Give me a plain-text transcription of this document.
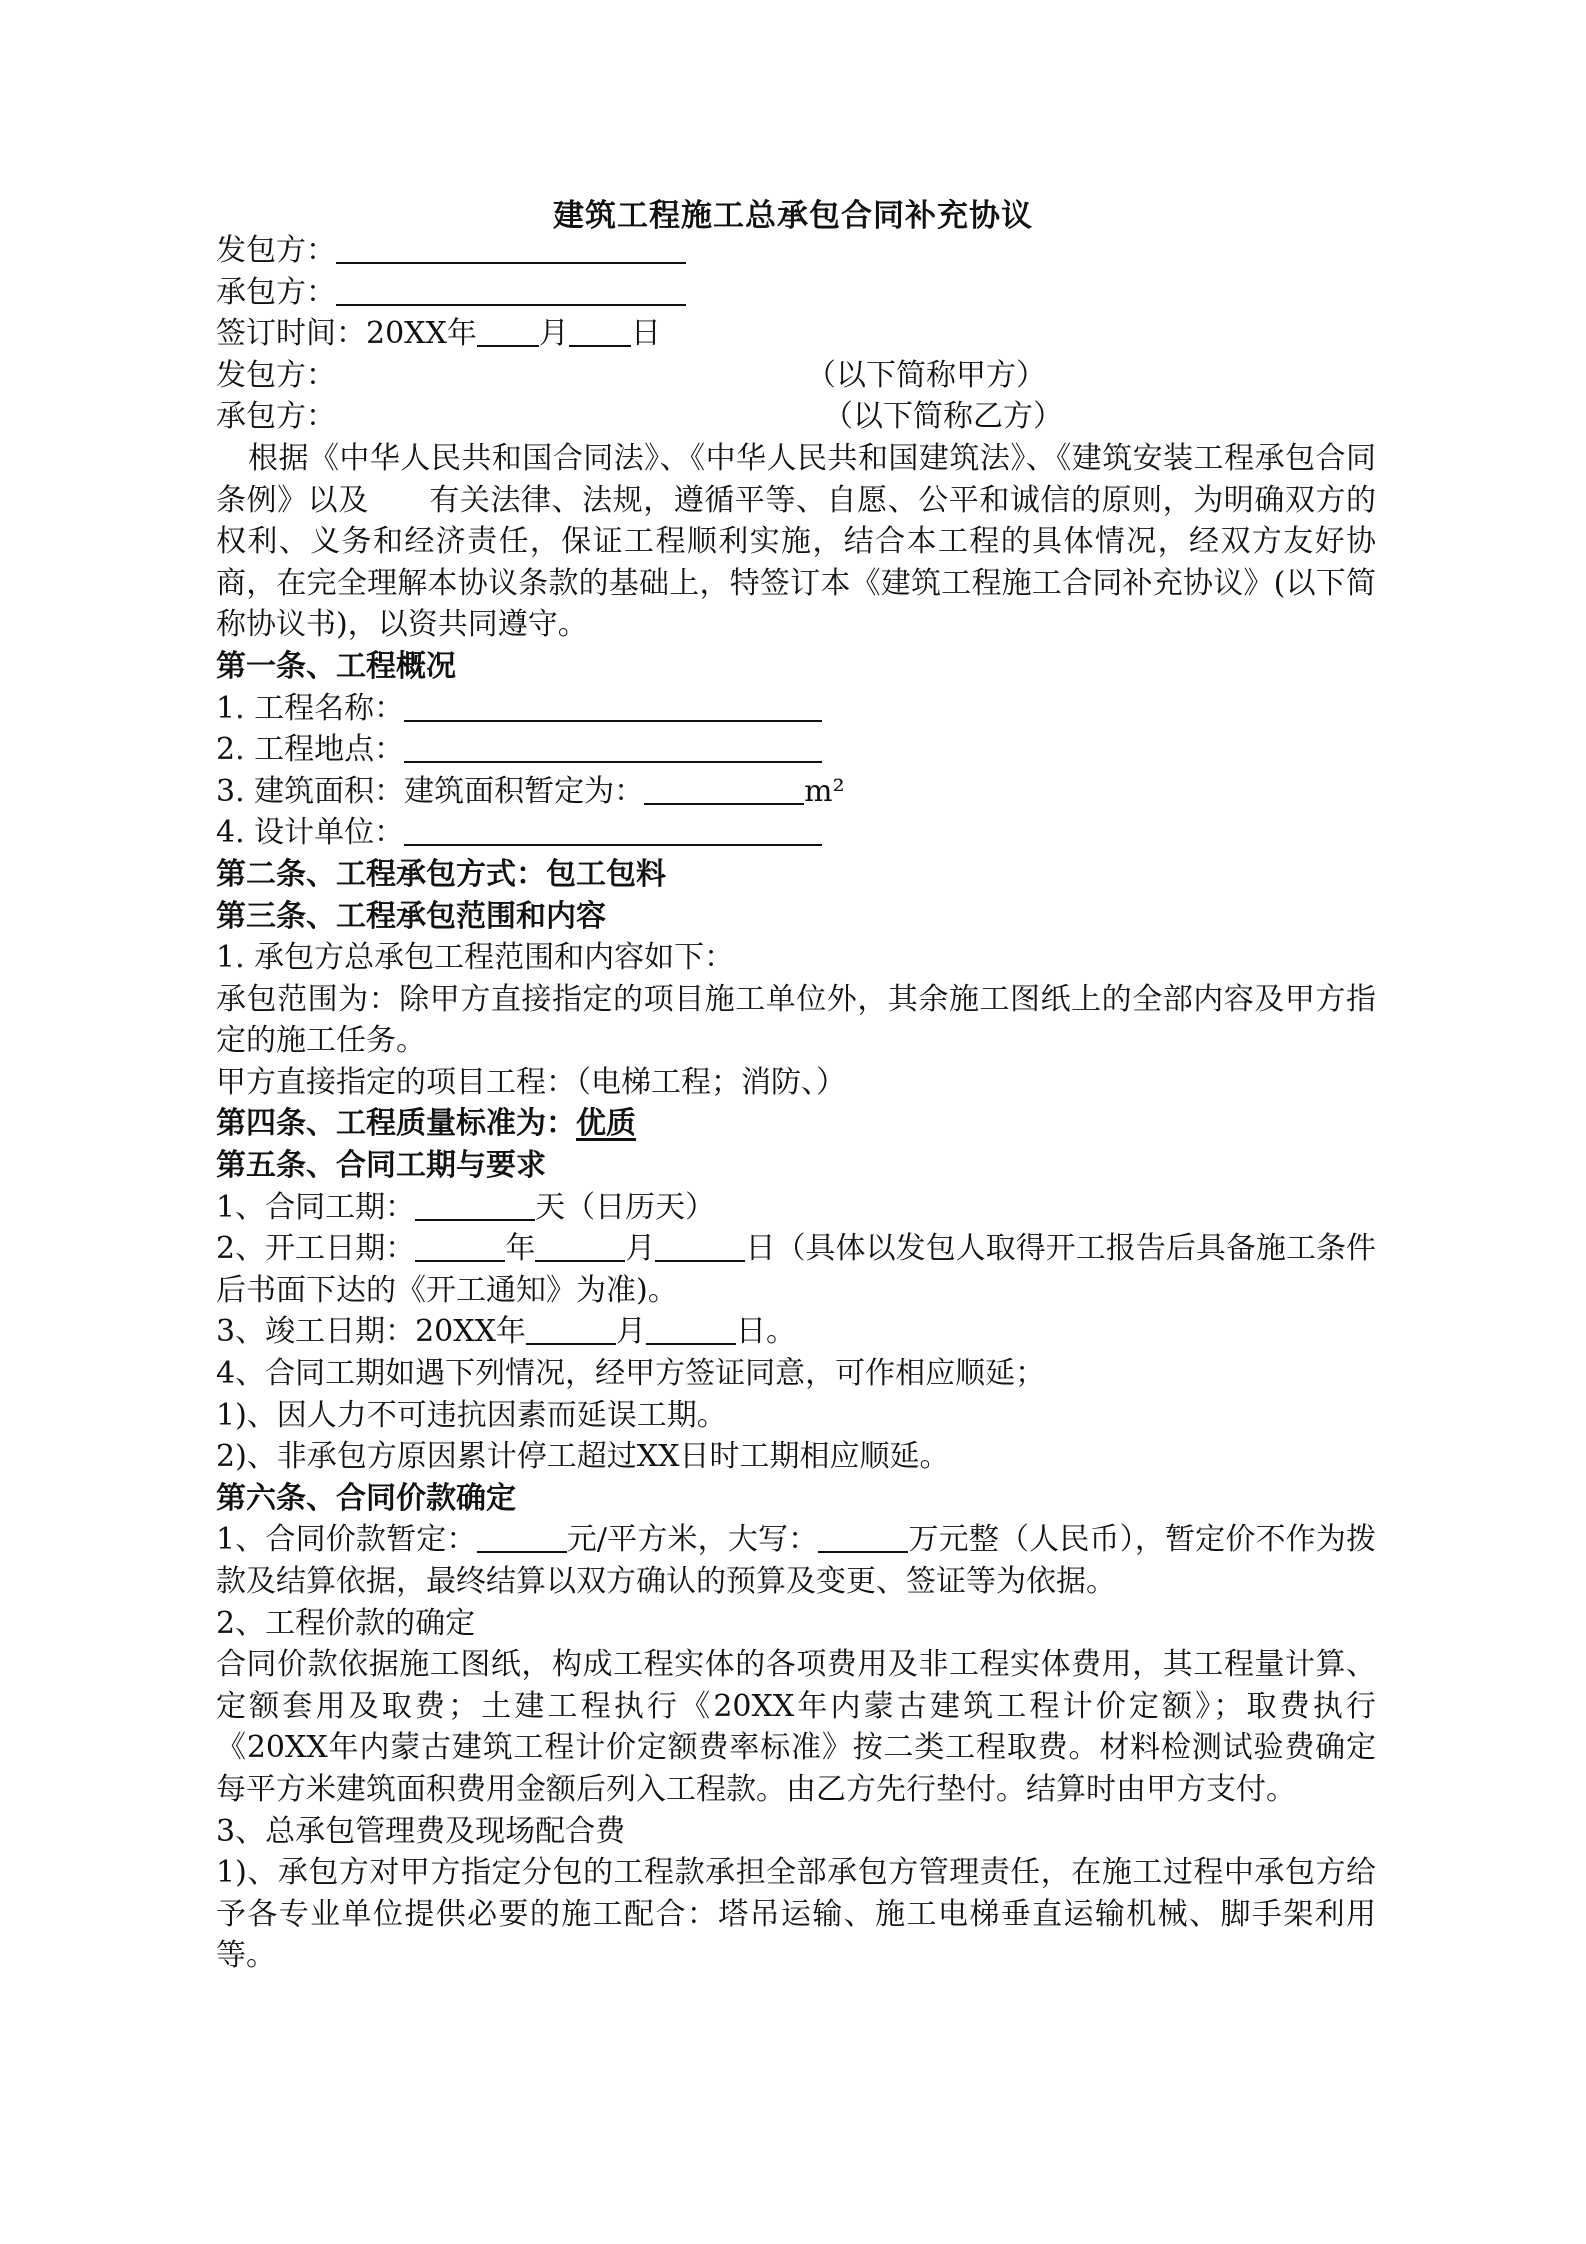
建筑工程施工总承包合同补充协议
发包方：
承包方：
签订时间：20XX年 月 日
发包方：	（以下简称甲方）
承包方：	（以下简称乙方）
根据《中华人民共和国合同法》、《中华人民共和国建筑法》、《建筑安装工程承包合同条例》以及 有关法律、法规，遵循平等、自愿、公平和诚信的原则，为明确双方的权利、义务和经济责任，保证工程顺利实施，结合本工程的具体情况，经双方友好协商，在完全理解本协议条款的基础上，特签订本《建筑工程施工合同补充协议》(以下简称协议书)，以资共同遵守。
第一条、工程概况
1. 工程名称：
2. 工程地点：
3. 建筑面积：建筑面积暂定为：	m²
4. 设计单位：
第二条、工程承包方式：包工包料
第三条、工程承包范围和内容
1. 承包方总承包工程范围和内容如下：
承包范围为：除甲方直接指定的项目施工单位外，其余施工图纸上的全部内容及甲方指定的施工任务。
甲方直接指定的项目工程：（电梯工程；消防、）
第四条、工程质量标准为：优质
第五条、合同工期与要求
1、合同工期：	天（日历天）
2、开工日期：	年	月	日（具体以发包人取得开工报告后具备施工条件后书面下达的《开工通知》为准)。
3、竣工日期：20XX年	月	日。
4、合同工期如遇下列情况，经甲方签证同意，可作相应顺延；
1)、因人力不可违抗因素而延误工期。
2)、非承包方原因累计停工超过XX日时工期相应顺延。
第六条、合同价款确定
1、合同价款暂定：	元/平方米，大写：	万元整（人民币），暂定价不作为拨款及结算依据，最终结算以双方确认的预算及变更、签证等为依据。
2、工程价款的确定
合同价款依据施工图纸，构成工程实体的各项费用及非工程实体费用，其工程量计算、定额套用及取费；土建工程执行《20XX年内蒙古建筑工程计价定额》；取费执行《20XX年内蒙古建筑工程计价定额费率标准》按二类工程取费。材料检测试验费确定每平方米建筑面积费用金额后列入工程款。由乙方先行垫付。结算时由甲方支付。
3、总承包管理费及现场配合费
1)、承包方对甲方指定分包的工程款承担全部承包方管理责任，在施工过程中承包方给予各专业单位提供必要的施工配合：塔吊运输、施工电梯垂直运输机械、脚手架利用等。
